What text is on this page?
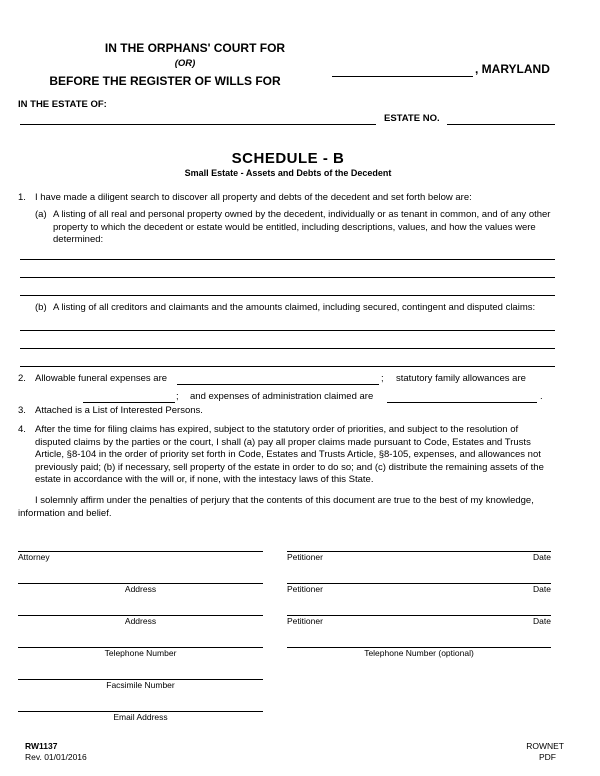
IN THE ORPHANS' COURT FOR
(OR)
BEFORE THE REGISTER OF WILLS FOR
, MARYLAND
IN THE ESTATE OF:
ESTATE NO.
SCHEDULE - B
Small Estate - Assets and Debts of the Decedent
1. I have made a diligent search to discover all property and debts of the decedent and set forth below are:
(a) A listing of all real and personal property owned by the decedent, individually or as tenant in common, and of any other property to which the decedent or estate would be entitled, including descriptions, values, and how the values were determined:
(b) A listing of all creditors and claimants and the amounts claimed, including secured, contingent and disputed claims:
2. Allowable funeral expenses are	; statutory family allowances are
; and expenses of administration claimed are	.
3. Attached is a List of Interested Persons.
4. After the time for filing claims has expired, subject to the statutory order of priorities, and subject to the resolution of disputed claims by the parties or the court, I shall (a) pay all proper claims made pursuant to Code, Estates and Trusts Article, §8-104 in the order of priority set forth in Code, Estates and Trusts Article, §8-105, expenses, and allowances not previously paid; (b) if necessary, sell property of the estate in order to do so; and (c) distribute the remaining assets of the estate in accordance with the will or, if none, with the intestacy laws of this State.
I solemnly affirm under the penalties of perjury that the contents of this document are true to the best of my knowledge, information and belief.
Attorney
Address
Address
Telephone Number
Facsimile Number
Email Address
Petitioner	Date
Petitioner	Date
Petitioner	Date
Telephone Number (optional)
RW1137
Rev. 01/01/2016
ROWNET
PDF
